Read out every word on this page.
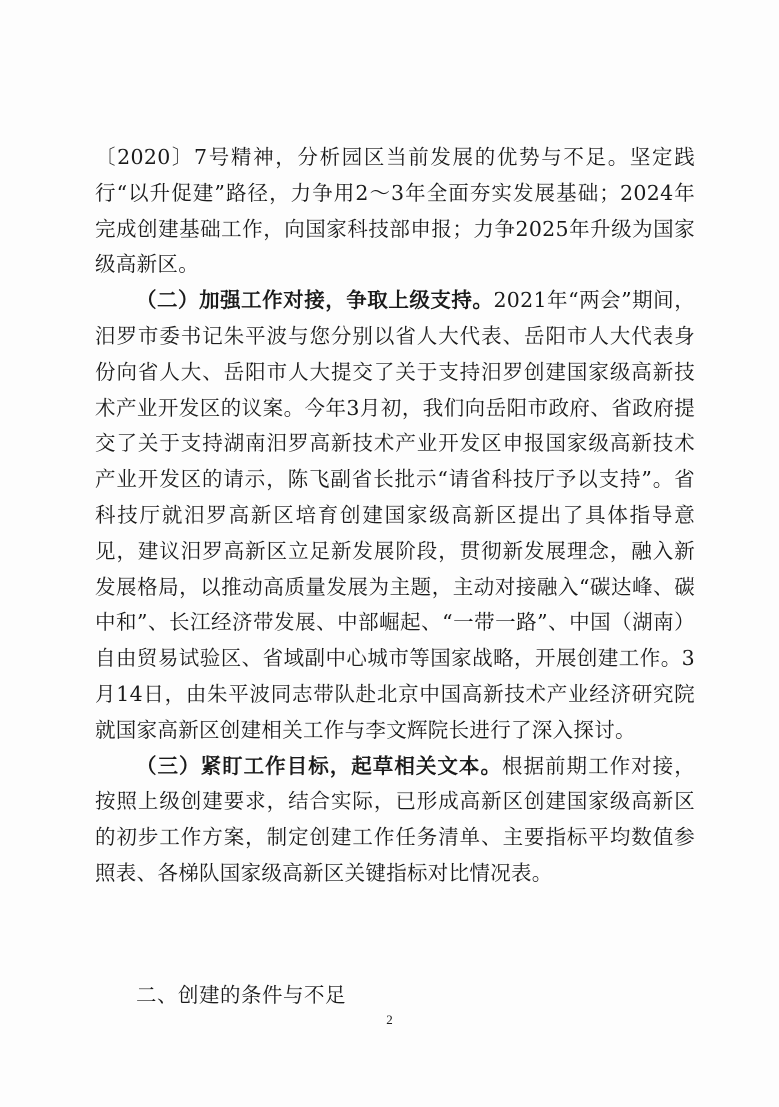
〔2020〕7号精神，分析园区当前发展的优势与不足。坚定践行“以升促建”路径，力争用2～3年全面夯实发展基础；2024年完成创建基础工作，向国家科技部申报；力争2025年升级为国家级高新区。

（二）加强工作对接，争取上级支持。2021年“两会”期间，汨罗市委书记朱平波与您分别以省人大代表、岳阳市人大代表身份向省人大、岳阳市人大提交了关于支持汨罗创建国家级高新技术产业开发区的议案。今年3月初，我们向岳阳市政府、省政府提交了关于支持湖南汨罗高新技术产业开发区申报国家级高新技术产业开发区的请示，陈飞副省长批示“请省科技厅予以支持”。省科技厅就汨罗高新区培育创建国家级高新区提出了具体指导意见，建议汨罗高新区立足新发展阶段，贯彻新发展理念，融入新发展格局，以推动高质量发展为主题，主动对接融入“碳达峰、碳中和”、长江经济带发展、中部崛起、“一带一路”、中国（湖南）自由贸易试验区、省域副中心城市等国家战略，开展创建工作。3月14日，由朱平波同志带队赴北京中国高新技术产业经济研究院就国家高新区创建相关工作与李文辉院长进行了深入探讨。

（三）紧盯工作目标，起草相关文本。根据前期工作对接，按照上级创建要求，结合实际，已形成高新区创建国家级高新区的初步工作方案，制定创建工作任务清单、主要指标平均数值参照表、各梯队国家级高新区关键指标对比情况表。

二、创建的条件与不足
2
